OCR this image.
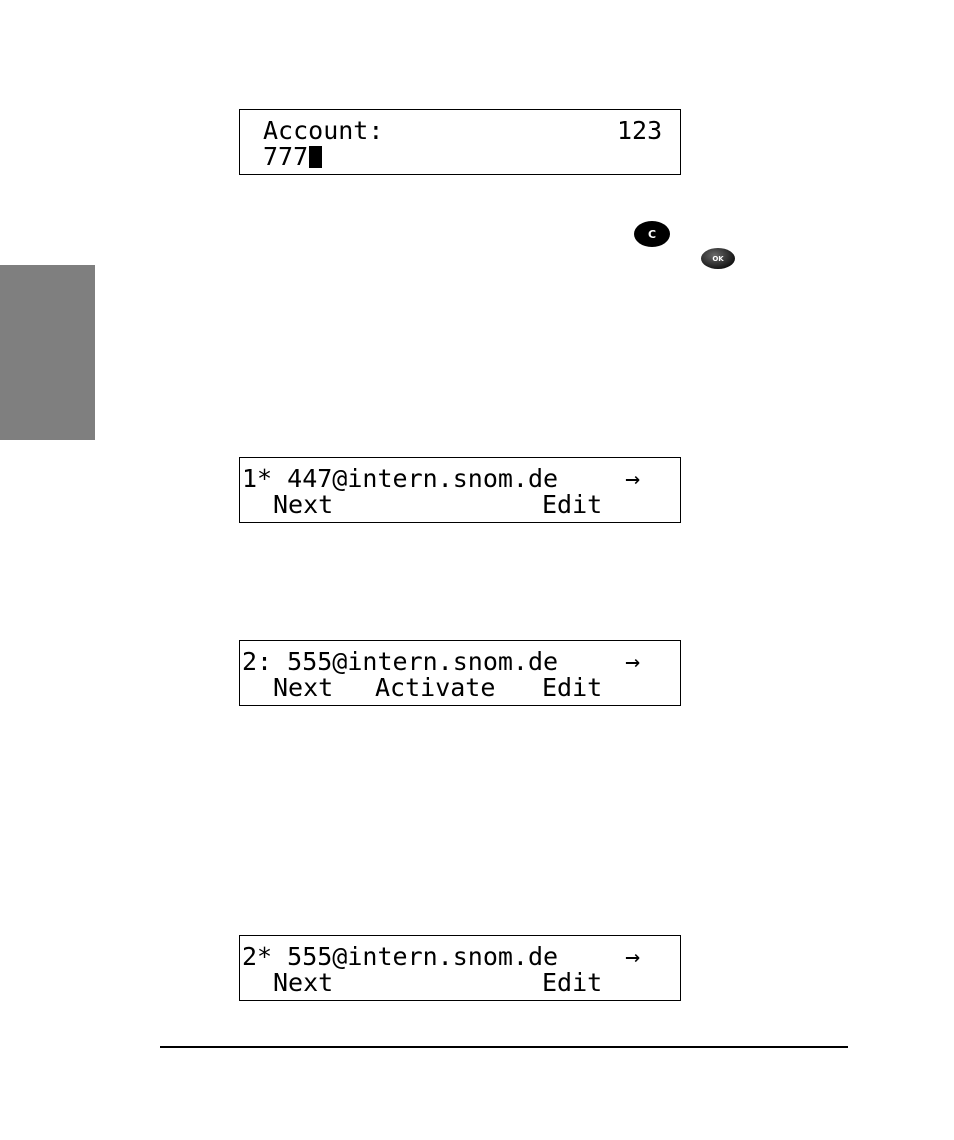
Account:

	123

777

C
OK

1* 447@intern.snom.de

	→

Next

	Edit

2: 555@intern.snom.de

	→

Next

Activate

Edit

2* 555@intern.snom.de

	→

Next

	Edit
